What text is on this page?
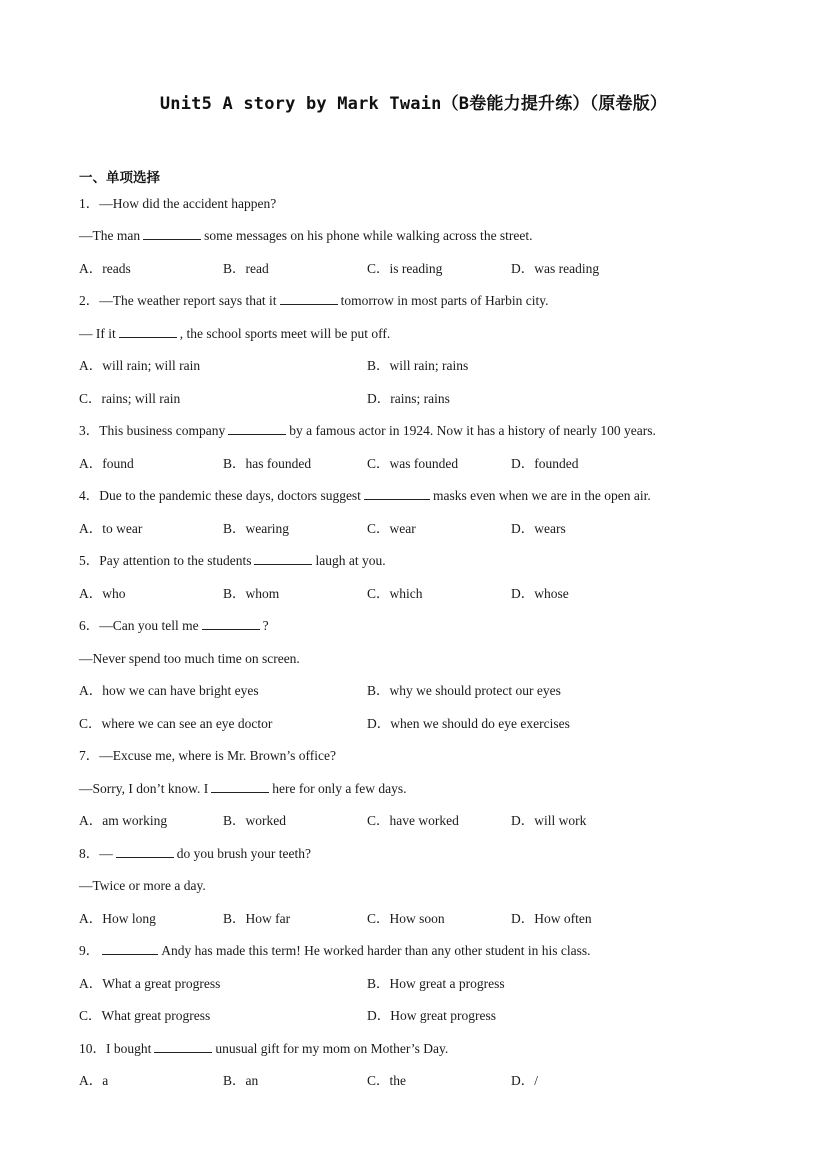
Unit5 A story by Mark Twain（B卷能力提升练）（原卷版）
一、单项选择
1．—How did the accident happen?
—The man	some messages on his phone while walking across the street.
A．reads	B．read	C．is reading	D．was reading
2．—The weather report says that it	tomorrow in most parts of Harbin city.
— If it	, the school sports meet will be put off.
A．will rain; will rain	B．will rain; rains
C．rains; will rain	D．rains; rains
3．This business company	by a famous actor in 1924. Now it has a history of nearly 100 years.
A．found	B．has founded	C．was founded	D．founded
4．Due to the pandemic these days, doctors suggest	masks even when we are in the open air.
A．to wear	B．wearing	C．wear	D．wears
5．Pay attention to the students	laugh at you.
A．who	B．whom	C．which	D．whose
6．—Can you tell me	?
—Never spend too much time on screen.
A．how we can have bright eyes	B．why we should protect our eyes
C．where we can see an eye doctor	D．when we should do eye exercises
7．—Excuse me, where is Mr. Brown’s office?
—Sorry, I don’t know. I	here for only a few days.
A．am working	B．worked	C．have worked	D．will work
8．—	do you brush your teeth?
—Twice or more a day.
A．How long	B．How far	C．How soon	D．How often
9．	Andy has made this term! He worked harder than any other student in his class.
A．What a great progress	B．How great a progress
C．What great progress	D．How great progress
10．I bought	unusual gift for my mom on Mother’s Day.
A．a	B．an	C．the	D．/
